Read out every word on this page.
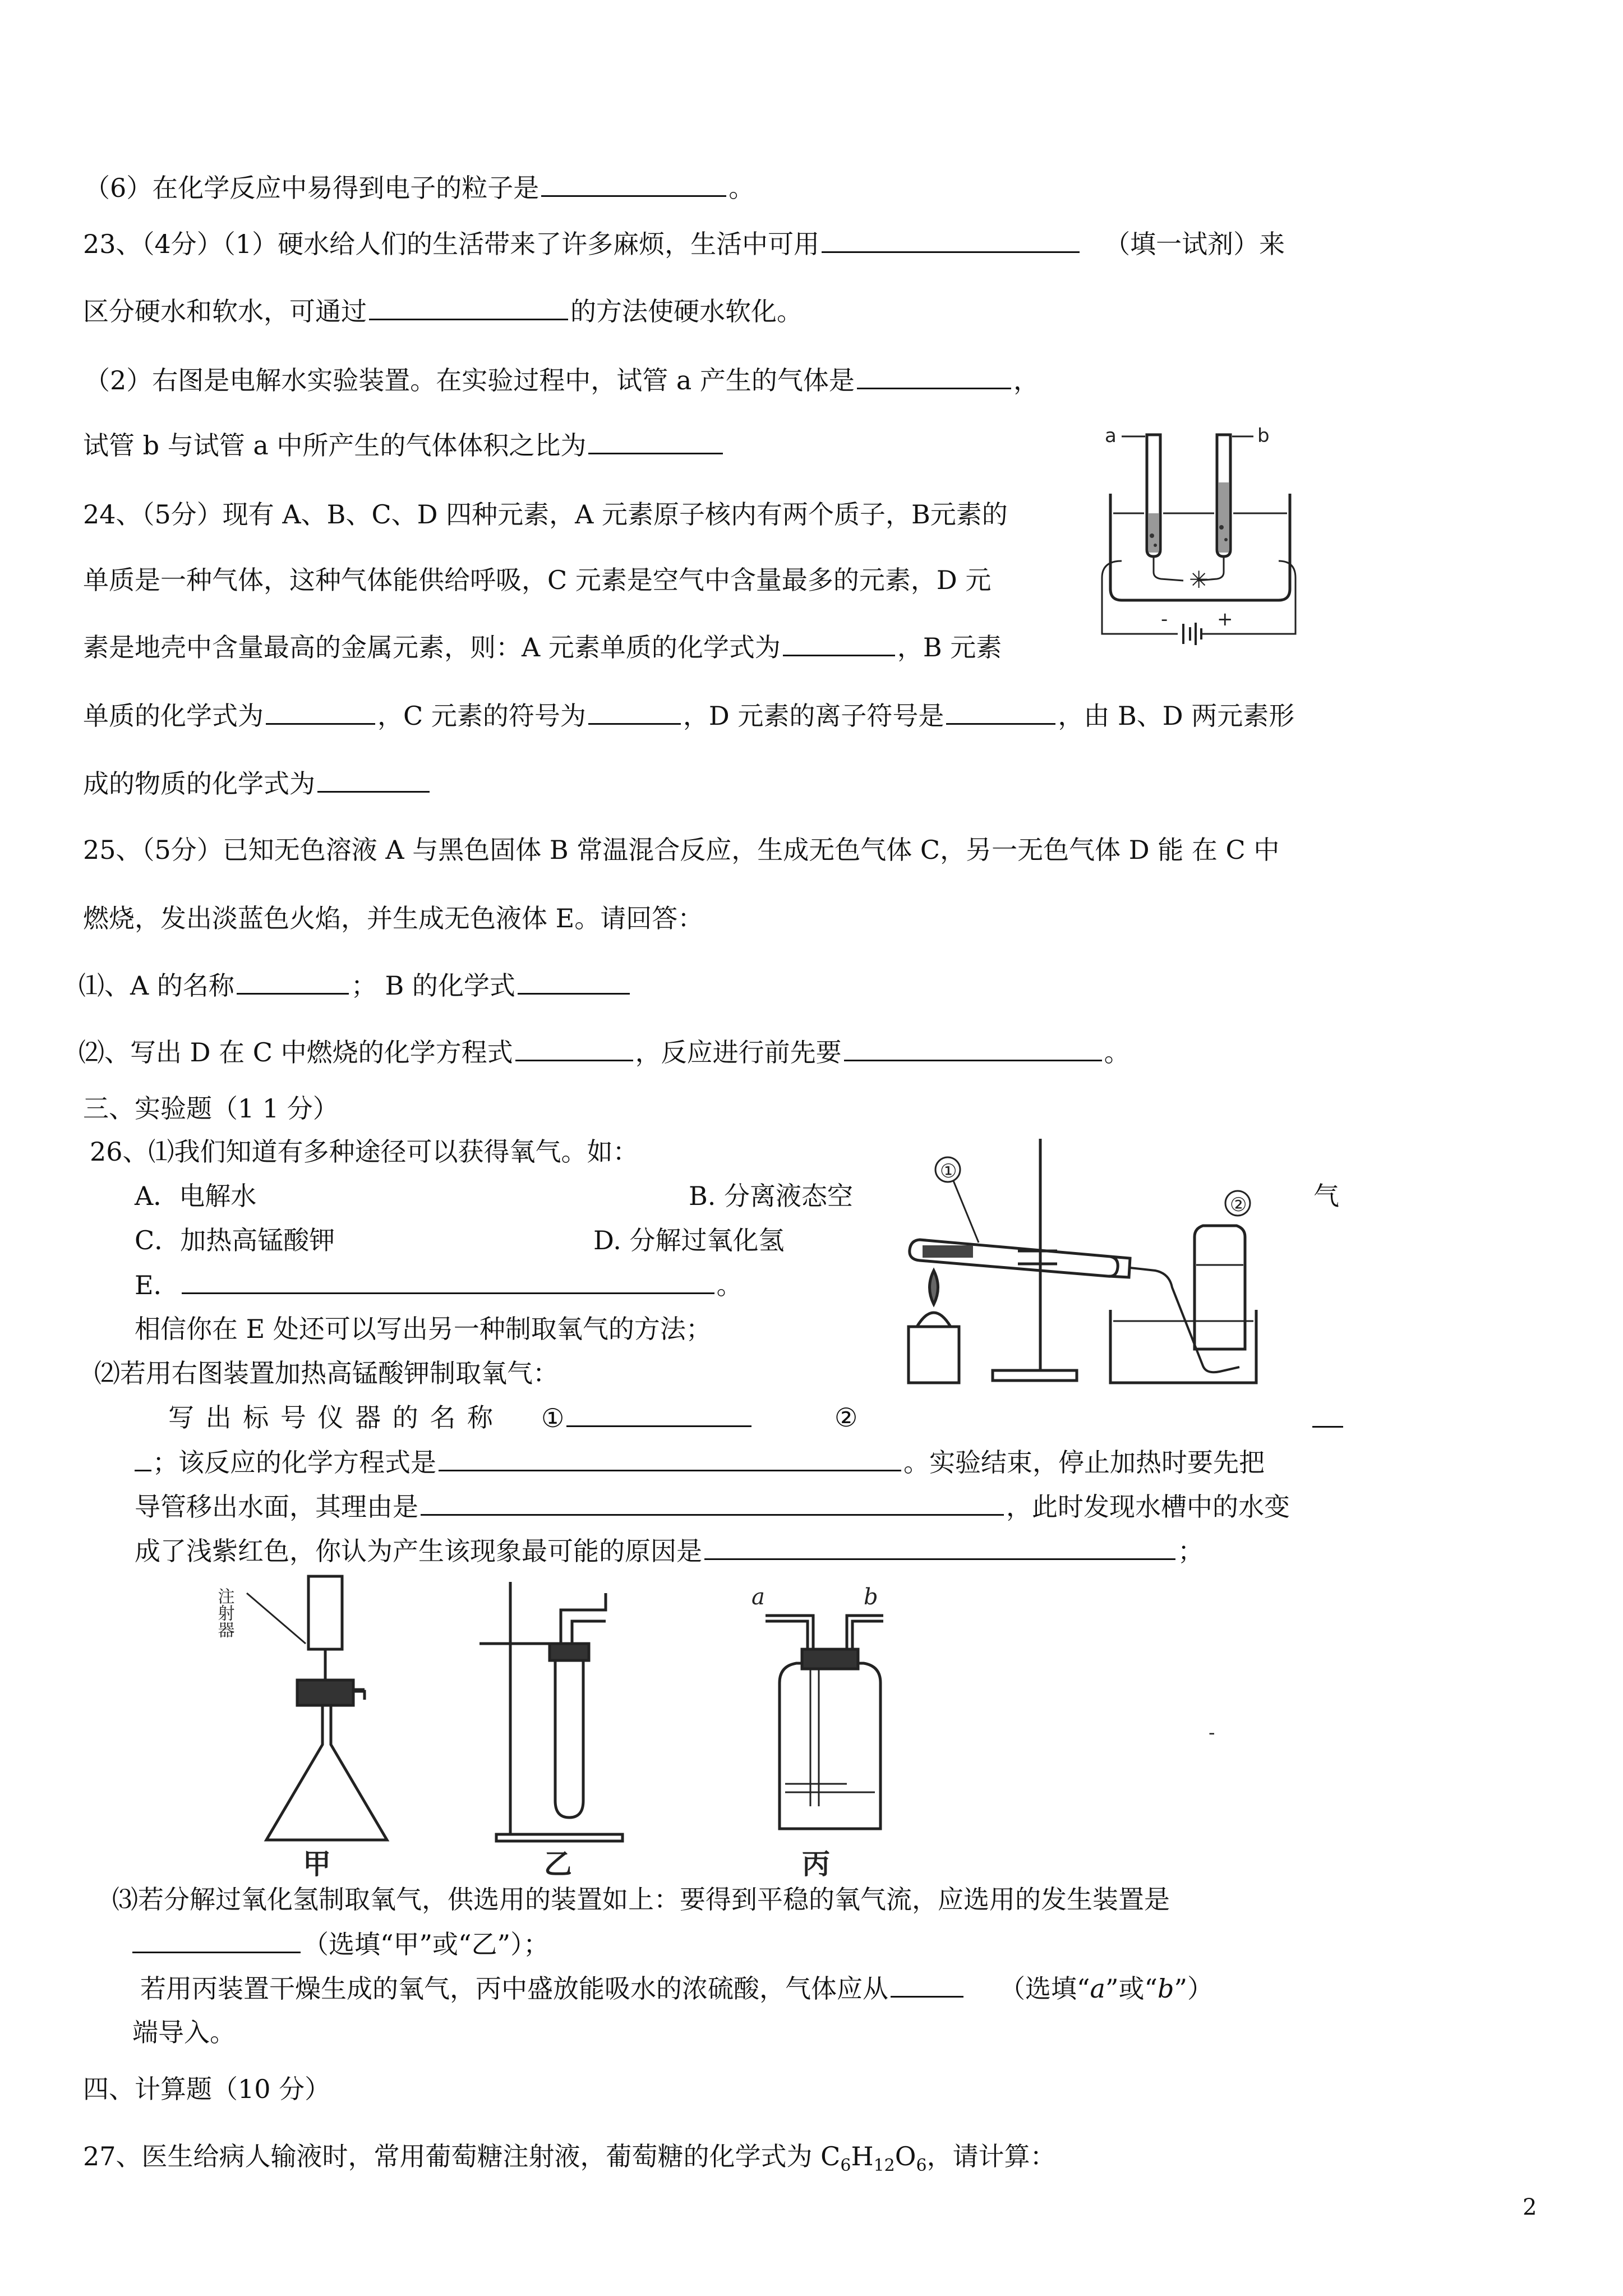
（6）在化学反应中易得到电子的粒子是	。
23、（4分）（1）硬水给人们的生活带来了许多麻烦，生活中可用	（填一试剂）来
区分硬水和软水，可通过	的方法使硬水软化。
（2）右图是电解水实验装置。在实验过程中，试管 a 产生的气体是	，
试管 b 与试管 a 中所产生的气体体积之比为
✳
a	b
-	+
24、（5分）现有 A、B、C、D 四种元素，A 元素原子核内有两个质子，B元素的
单质是一种气体，这种气体能供给呼吸，C 元素是空气中含量最多的元素，D 元
素是地壳中含量最高的金属元素，则：A 元素单质的化学式为	，B 元素
单质的化学式为	，C 元素的符号为	，D 元素的离子符号是	，由 B、D 两元素形
成的物质的化学式为
25、（5分）已知无色溶液 A 与黑色固体 B 常温混合反应，生成无色气体 C，另一无色气体 D 能 在 C 中
燃烧，发出淡蓝色火焰，并生成无色液体 E。请回答：
⑴、A 的名称	； B 的化学式
⑵、写出 D 在 C 中燃烧的化学方程式	，反应进行前先要	。
三、实验题（1 1 分）
26、⑴我们知道有多种途径可以获得氧气。如：
A．电解水	B. 分离液态空	气
C．加热高锰酸钾	D. 分解过氧化氢
E．	。
相信你在 E 处还可以写出另一种制取氧气的方法；
⑵若用右图装置加热高锰酸钾制取氧气：
①
②
写 出 标 号 仪 器 的 名 称 ①	②
；该反应的化学方程式是	。实验结束，停止加热时要先把
导管移出水面，其理由是	，此时发现水槽中的水变
成了浅紫红色，你认为产生该现象最可能的原因是	；
注射器
甲	乙
a	b
丙
-
⑶若分解过氧化氢制取氧气，供选用的装置如上：要得到平稳的氧气流，应选用的发生装置是
（选填“甲”或“乙”）；
若用丙装置干燥生成的氧气，丙中盛放能吸水的浓硫酸，气体应从	（选填“a”或“b”）
端导入。
四、计算题（10 分）
27、医生给病人输液时，常用葡萄糖注射液，葡萄糖的化学式为 $C_6H_{12}O_6$，请计算：
2
